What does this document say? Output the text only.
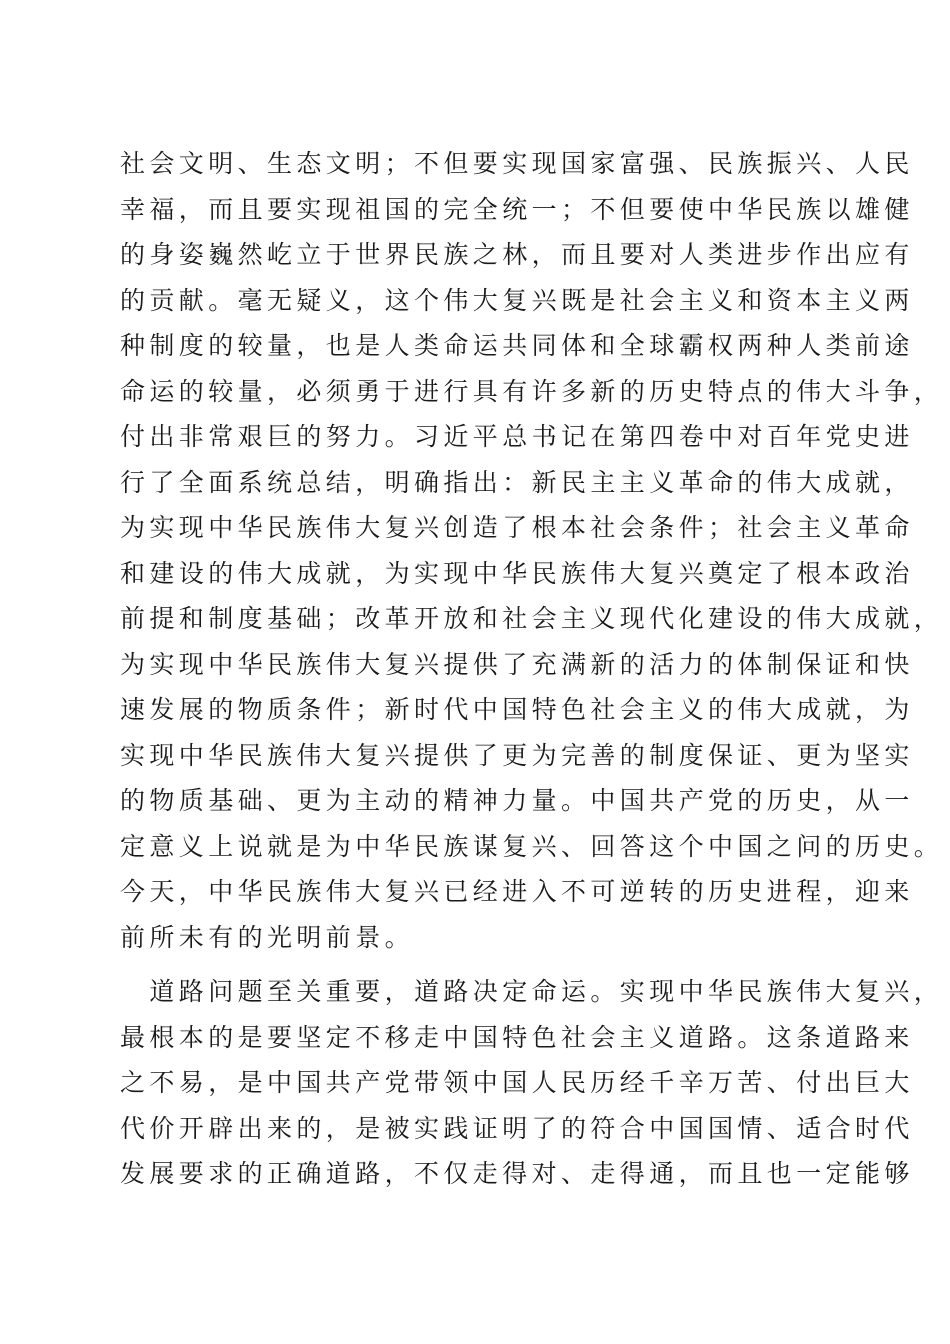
社会文明、生态文明；不但要实现国家富强、民族振兴、人民
幸福，而且要实现祖国的完全统一；不但要使中华民族以雄健
的身姿巍然屹立于世界民族之林，而且要对人类进步作出应有
的贡献。毫无疑义，这个伟大复兴既是社会主义和资本主义两
种制度的较量，也是人类命运共同体和全球霸权两种人类前途
命运的较量，必须勇于进行具有许多新的历史特点的伟大斗争，
付出非常艰巨的努力。习近平总书记在第四卷中对百年党史进
行了全面系统总结，明确指出：新民主主义革命的伟大成就，
为实现中华民族伟大复兴创造了根本社会条件；社会主义革命
和建设的伟大成就，为实现中华民族伟大复兴奠定了根本政治
前提和制度基础；改革开放和社会主义现代化建设的伟大成就，
为实现中华民族伟大复兴提供了充满新的活力的体制保证和快
速发展的物质条件；新时代中国特色社会主义的伟大成就，为
实现中华民族伟大复兴提供了更为完善的制度保证、更为坚实
的物质基础、更为主动的精神力量。中国共产党的历史，从一
定意义上说就是为中华民族谋复兴、回答这个中国之问的历史。
今天，中华民族伟大复兴已经进入不可逆转的历史进程，迎来
前所未有的光明前景。
　道路问题至关重要，道路决定命运。实现中华民族伟大复兴，
最根本的是要坚定不移走中国特色社会主义道路。这条道路来
之不易，是中国共产党带领中国人民历经千辛万苦、付出巨大
代价开辟出来的，是被实践证明了的符合中国国情、适合时代
发展要求的正确道路，不仅走得对、走得通，而且也一定能够
